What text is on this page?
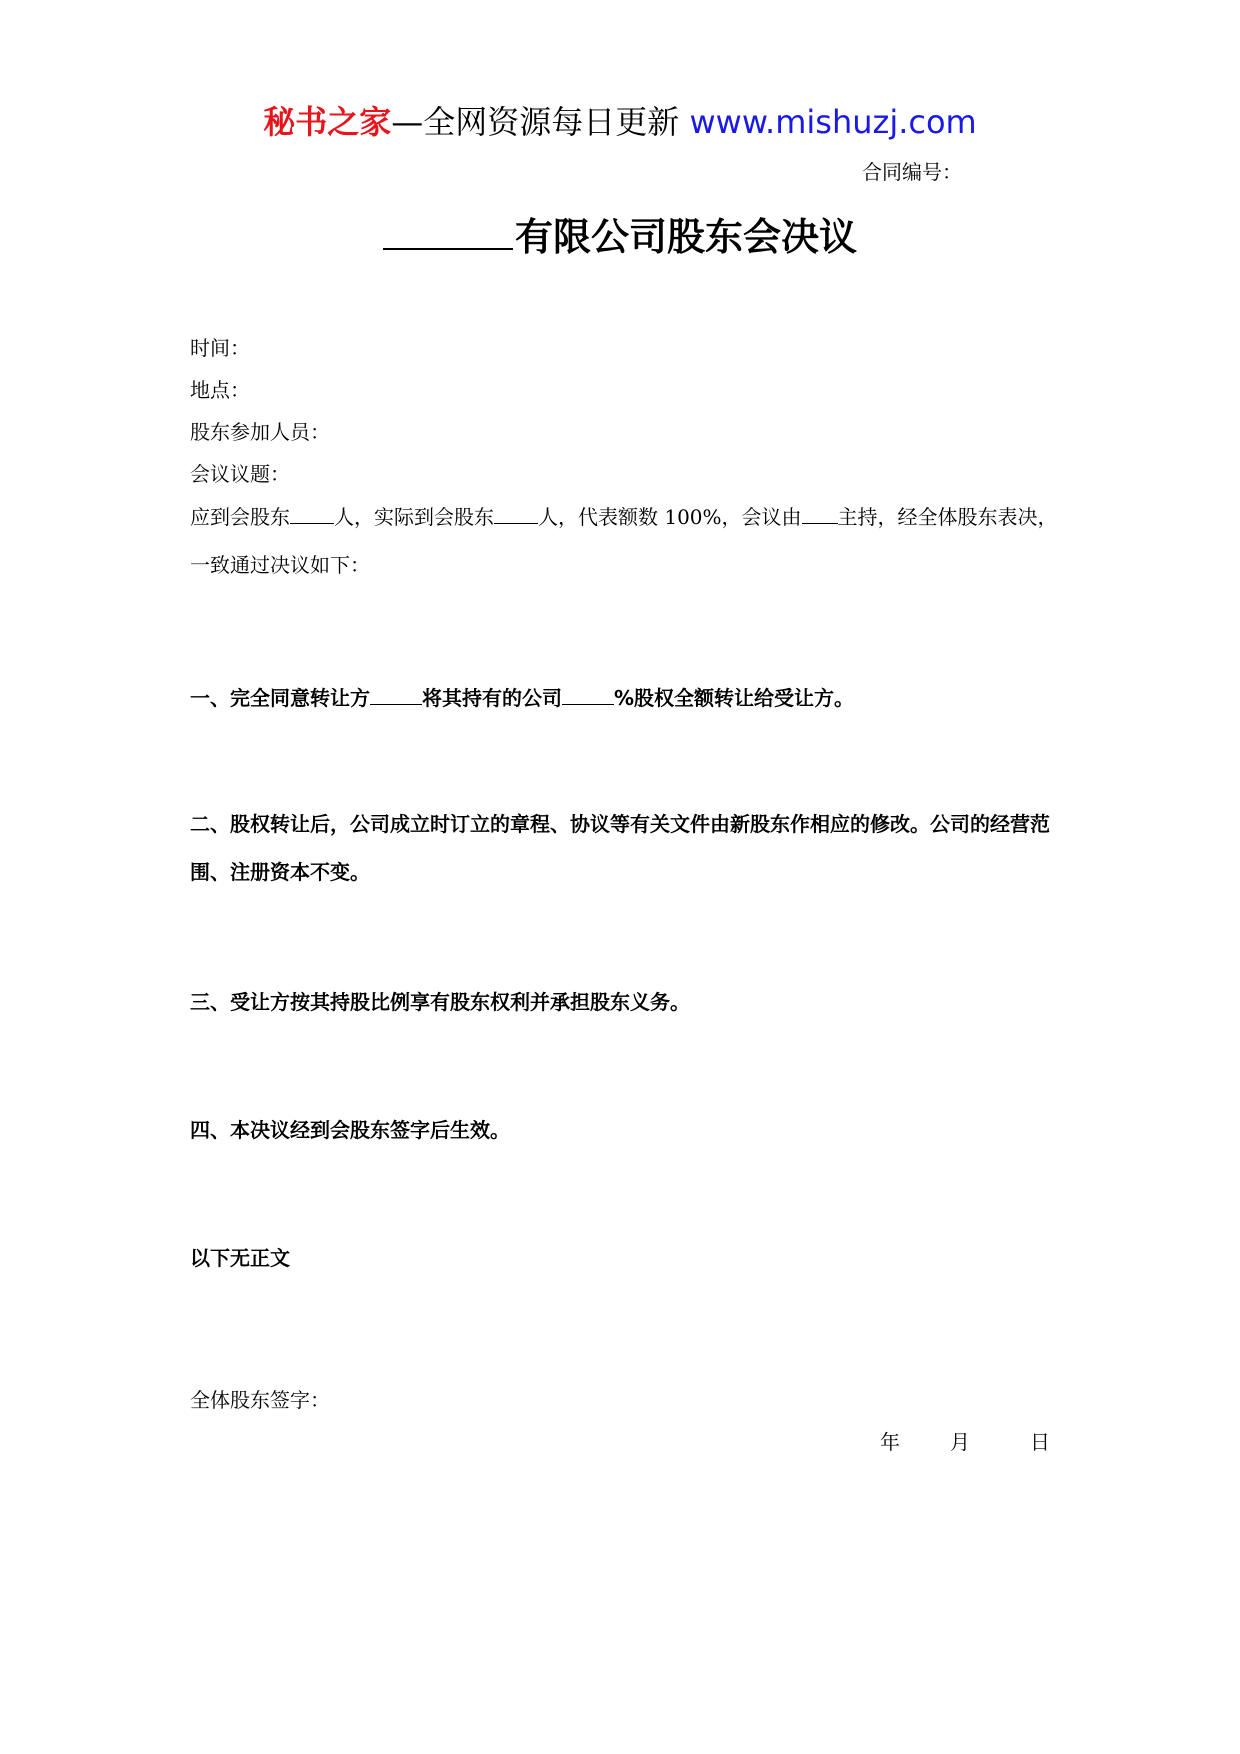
秘书之家—全网资源每日更新 www.mishuzj.com
合同编号：
有限公司股东会决议
时间：
地点：
股东参加人员：
会议议题：
应到会股东 人，实际到会股东 人，代表额数 100%，会议由 主持，经全体股东表决，
一致通过决议如下：
一、完全同意转让方	将其持有的公司	%股权全额转让给受让方。
二、股权转让后，公司成立时订立的章程、协议等有关文件由新股东作相应的修改。公司的经营范围、注册资本不变。
三、受让方按其持股比例享有股东权利并承担股东义务。
四、本决议经到会股东签字后生效。
以下无正文
全体股东签字：
年	月	日
